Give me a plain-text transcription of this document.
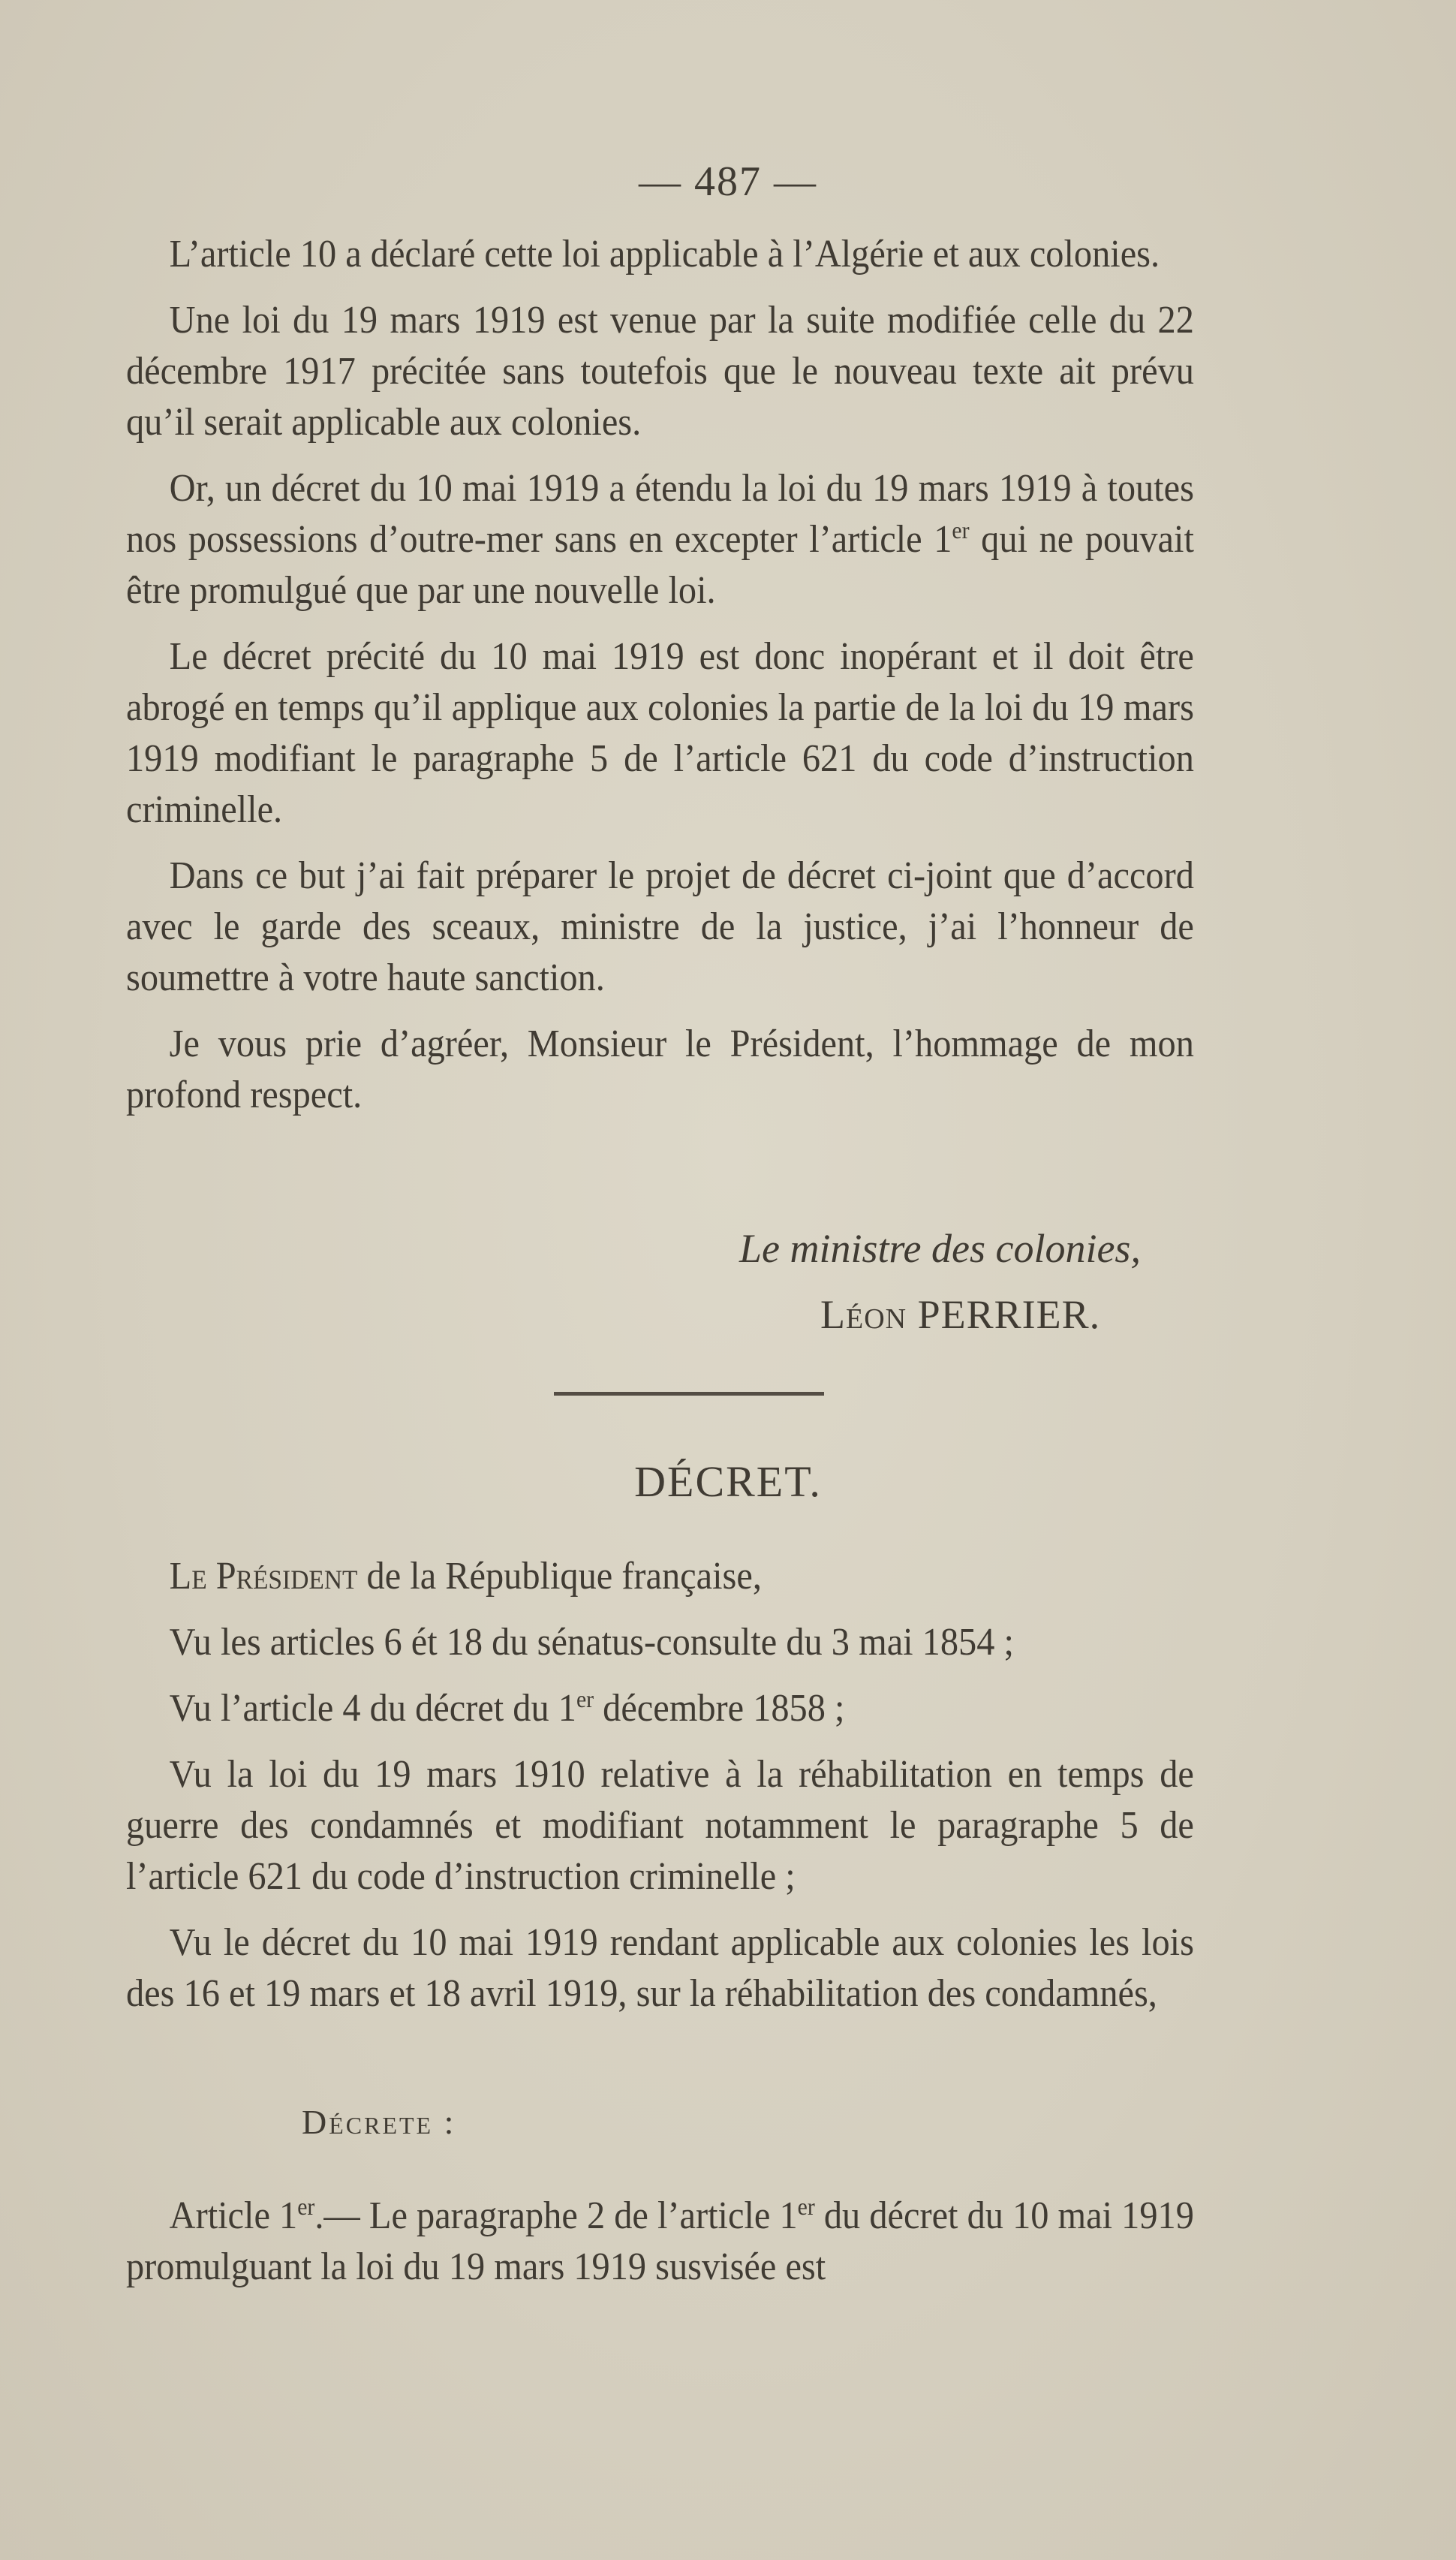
— 487 —

L’article 10 a déclaré cette loi applicable à l’Algérie et aux colonies.

Une loi du 19 mars 1919 est venue par la suite modifiée celle du 22 décembre 1917 précitée sans toutefois que le nouveau texte ait prévu qu’il serait applicable aux colonies.

Or, un décret du 10 mai 1919 a étendu la loi du 19 mars 1919 à toutes nos possessions d’outre-mer sans en excepter l’article 1er qui ne pouvait être promulgué que par une nouvelle loi.

Le décret précité du 10 mai 1919 est donc inopérant et il doit être abrogé en temps qu’il applique aux colonies la partie de la loi du 19 mars 1919 modifiant le paragraphe 5 de l’article 621 du code d’instruction criminelle.

Dans ce but j’ai fait préparer le projet de décret ci-joint que d’accord avec le garde des sceaux, ministre de la justice, j’ai l’honneur de soumettre à votre haute sanction.

Je vous prie d’agréer, Monsieur le Président, l’hommage de mon profond respect.

Le ministre des colonies,
Léon PERRIER.
DÉCRET.

Le Président de la République française,

Vu les articles 6 ét 18 du sénatus-consulte du 3 mai 1854 ;

Vu l’article 4 du décret du 1er décembre 1858 ;

Vu la loi du 19 mars 1910 relative à la réhabilitation en temps de guerre des condamnés et modifiant notamment le paragraphe 5 de l’article 621 du code d’instruction criminelle ;

Vu le décret du 10 mai 1919 rendant applicable aux colonies les lois des 16 et 19 mars et 18 avril 1919, sur la réhabilitation des condamnés,

Décrete :

Article 1er.— Le paragraphe 2 de l’article 1er du décret du 10 mai 1919 promulguant la loi du 19 mars 1919 susvisée est
